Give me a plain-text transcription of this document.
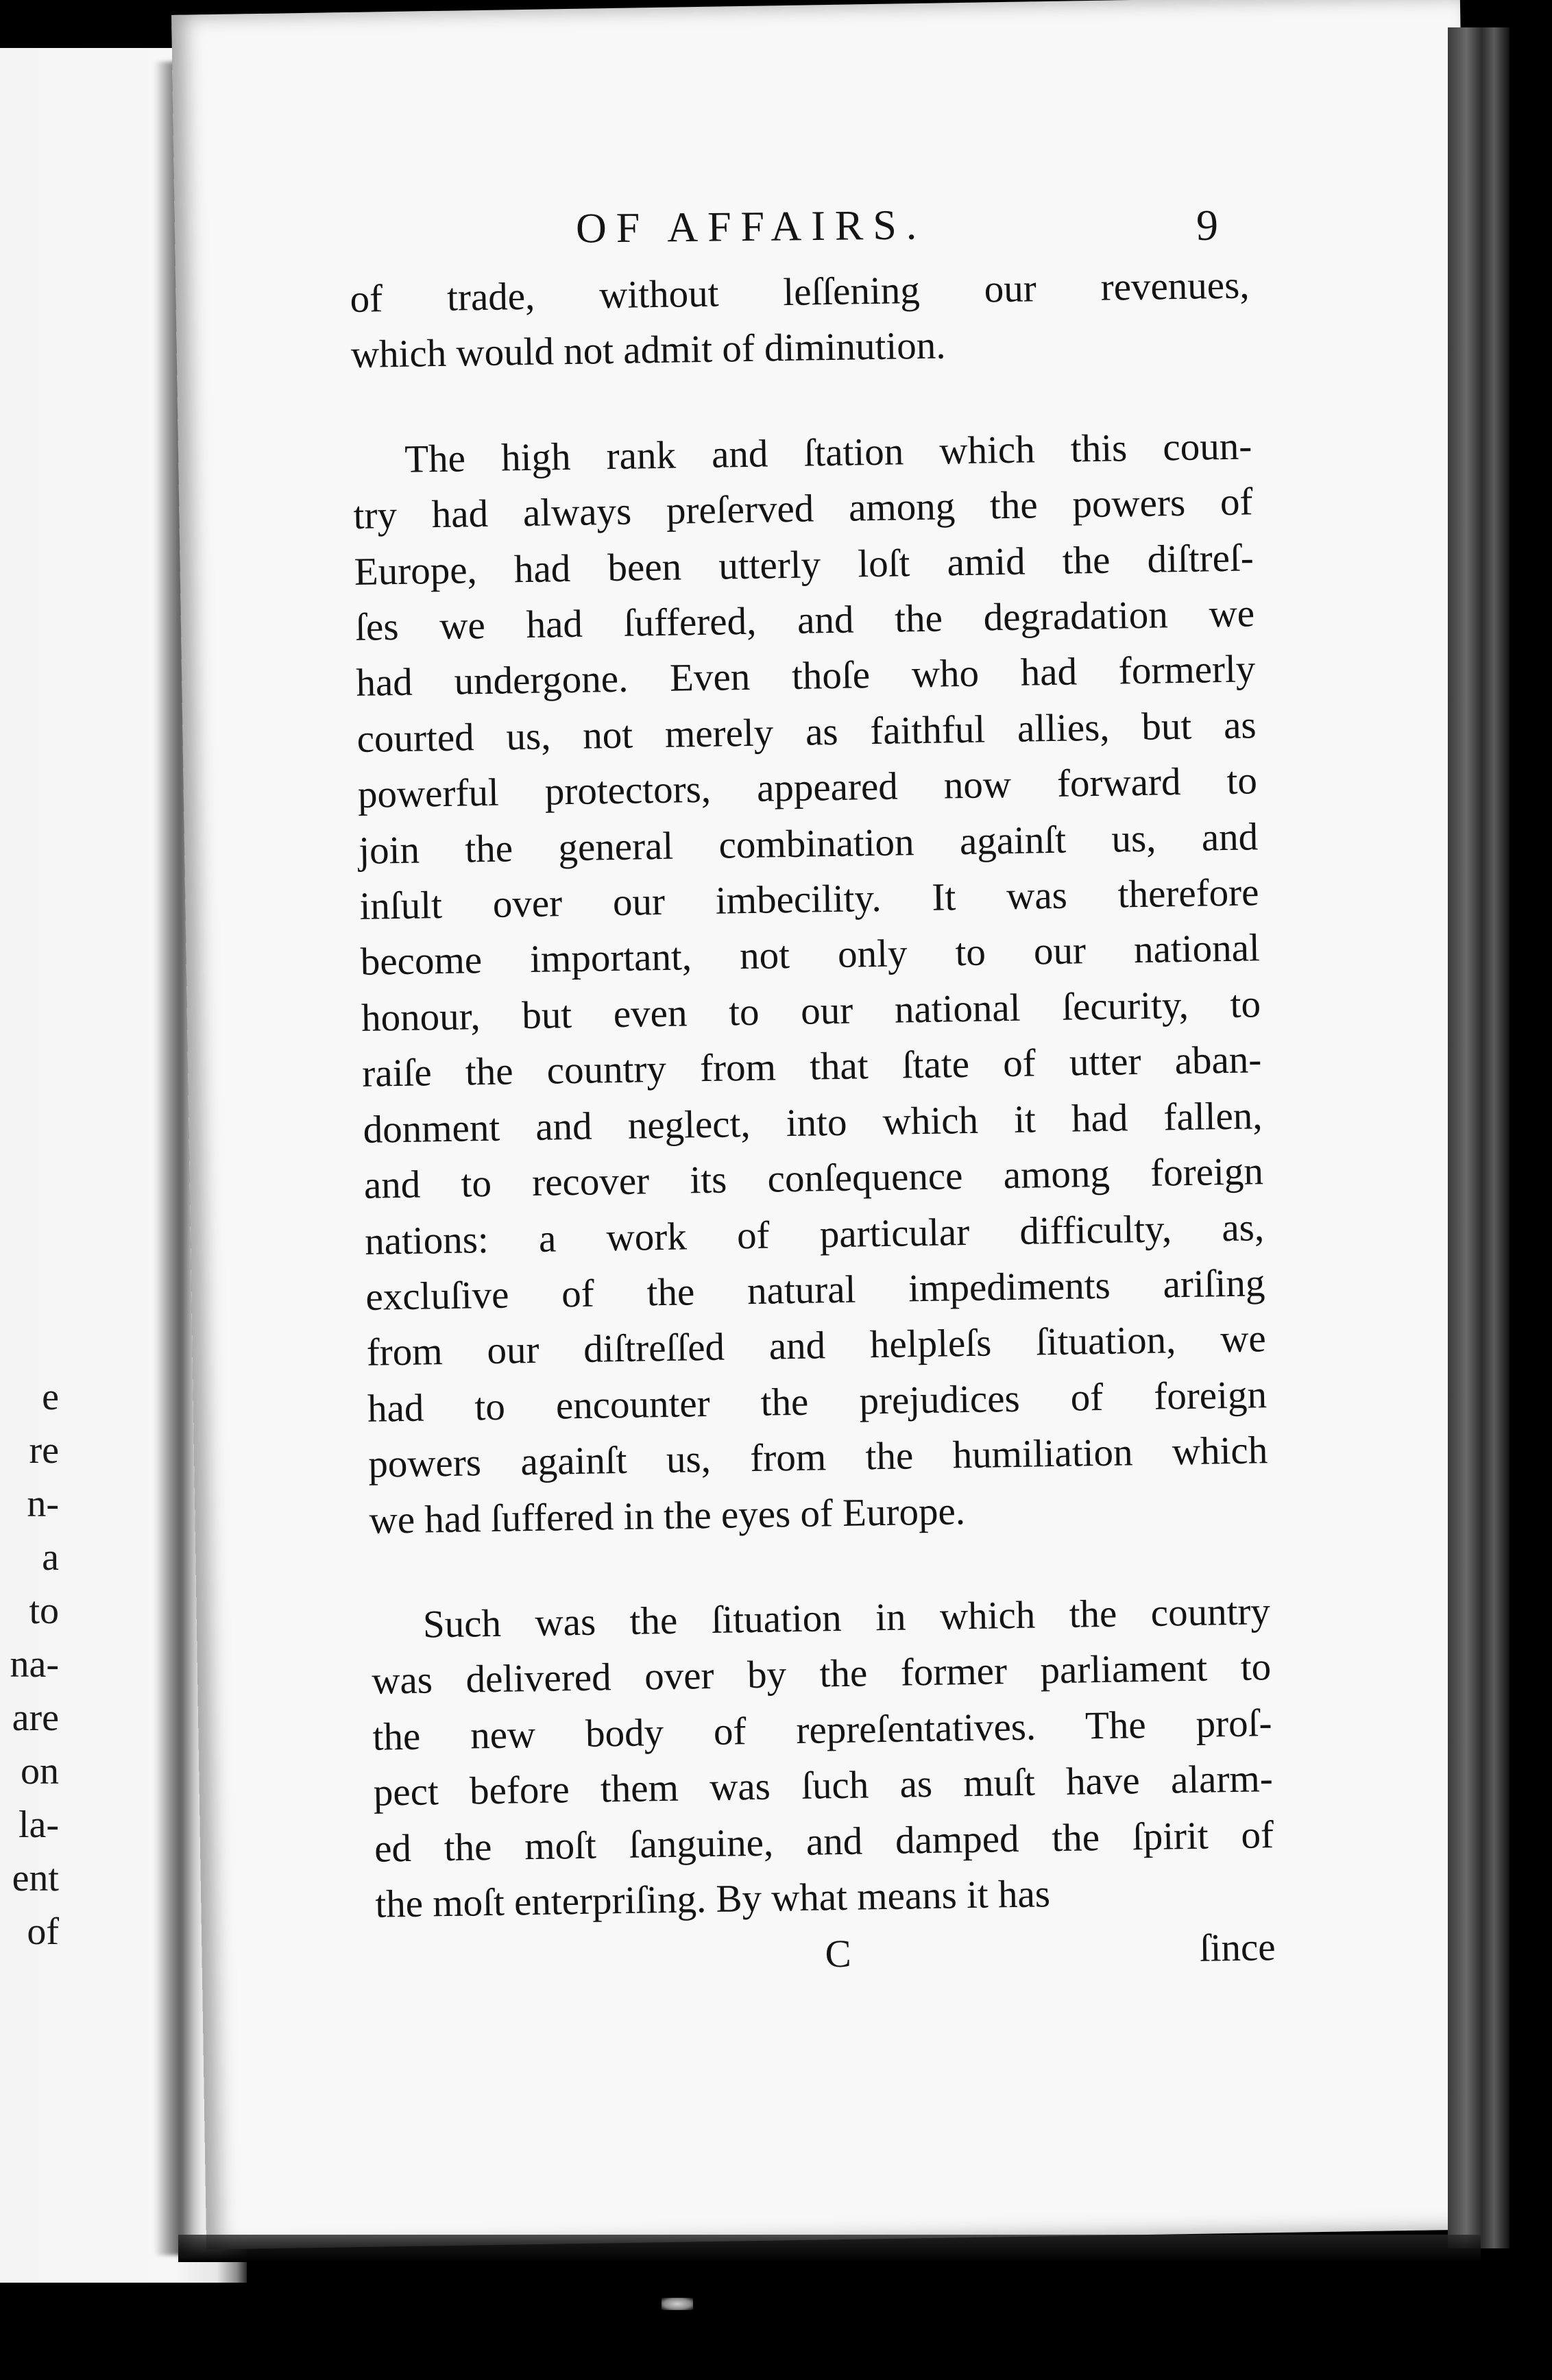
e
re
n-
a
to
na-
are
on
la-
ent
of
OF AFFAIRS.	9
of trade, without leſſening our revenues,
which would not admit of diminution.
The high rank and ſtation which this coun-
try had always preſerved among the powers of
Europe, had been utterly loſt amid the diſtreſ-
ſes we had ſuffered, and the degradation we
had undergone. Even thoſe who had formerly
courted us, not merely as faithful allies, but as
powerful protectors, appeared now forward to
join the general combination againſt us, and
inſult over our imbecility. It was therefore
become important, not only to our national
honour, but even to our national ſecurity, to
raiſe the country from that ſtate of utter aban-
donment and neglect, into which it had fallen,
and to recover its conſequence among foreign
nations: a work of particular difficulty, as,
excluſive of the natural impediments ariſing
from our diſtreſſed and helpleſs ſituation, we
had to encounter the prejudices of foreign
powers againſt us, from the humiliation which
we had ſuffered in the eyes of Europe.
Such was the ſituation in which the country
was delivered over by the former parliament to
the new body of repreſentatives. The proſ-
pect before them was ſuch as muſt have alarm-
ed the moſt ſanguine, and damped the ſpirit of
the moſt enterpriſing. By what means it has
C	ſince
